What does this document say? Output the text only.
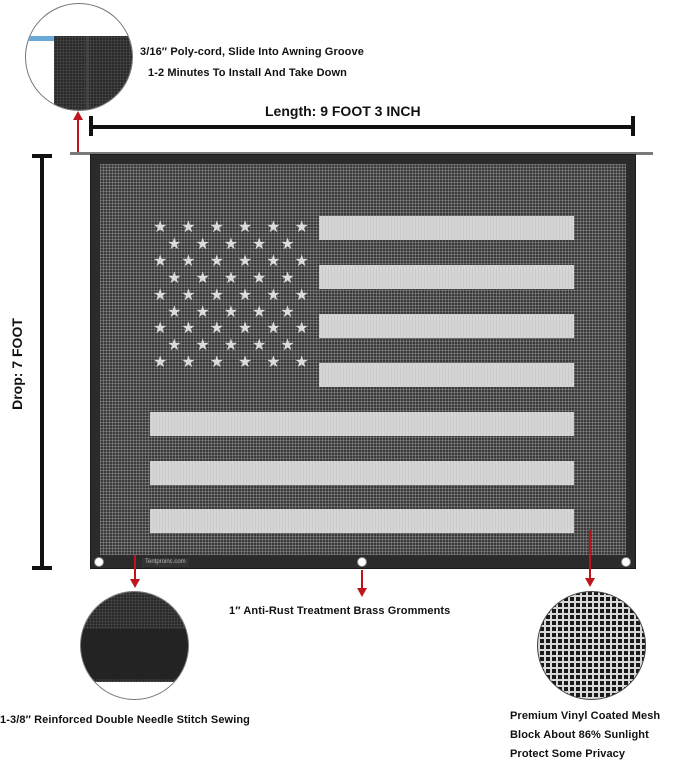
3/16″ Poly-cord, Slide Into Awning Groove
1-2 Minutes To Install And Take Down
Length: 9 FOOT 3 INCH
Drop: 7 FOOT
★ ★ ★ ★ ★ ★
★ ★ ★ ★ ★
★ ★ ★ ★ ★ ★
★ ★ ★ ★ ★
★ ★ ★ ★ ★ ★
★ ★ ★ ★ ★
★ ★ ★ ★ ★ ★
★ ★ ★ ★ ★
★ ★ ★ ★ ★ ★
Tentproinc.com
1″ Anti-Rust Treatment Brass Gromments
1-3/8″ Reinforced Double Needle Stitch Sewing	Premium Vinyl Coated Mesh
Block About 86% Sunlight
Protect Some Privacy
